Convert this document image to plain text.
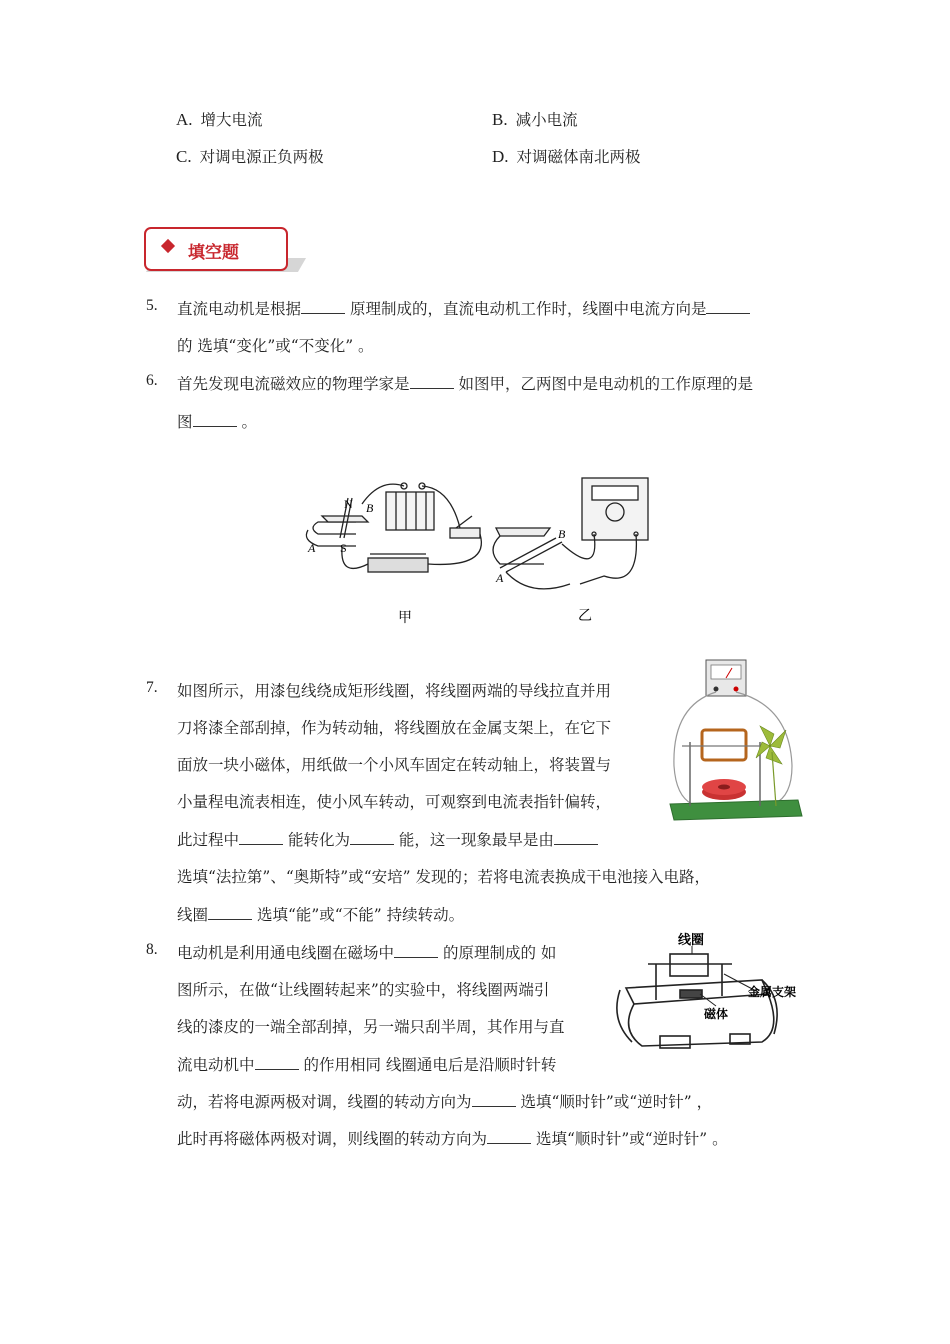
A. 增大电流	B. 减小电流
C. 对调电源正负两极	D. 对调磁体南北两极
填空题
5. 直流电动机是根据	原理制成的，直流电动机工作时，线圈中电流方向是
的 选填“变化”或“不变化” 。
6. 首先发现电流磁效应的物理学家是	如图甲，乙两图中是电动机的工作原理的是
图	。
N
S
A
B
A
B
甲	乙
7. 如图所示，用漆包线绕成矩形线圈，将线圈两端的导线拉直并用
刀将漆全部刮掉，作为转动轴，将线圈放在金属支架上，在它下
面放一块小磁体，用纸做一个小风车固定在转动轴上，将装置与
小量程电流表相连，使小风车转动，可观察到电流表指针偏转，
此过程中	能转化为	能，这一现象最早是由
选填“法拉第”、“奥斯特”或“安培” 发现的；若将电流表换成干电池接入电路，
线圈	选填“能”或“不能” 持续转动。
8. 电动机是利用通电线圈在磁场中	的原理制成的 如
图所示，在做“让线圈转起来”的实验中，将线圈两端引
线的漆皮的一端全部刮掉，另一端只刮半周，其作用与直
流电动机中	的作用相同 线圈通电后是沿顺时针转
动，若将电源两极对调，线圈的转动方向为	选填“顺时针”或“逆时针” ，
此时再将磁体两极对调，则线圈的转动方向为	选填“顺时针”或“逆时针” 。
线圈
金属支架
磁体
